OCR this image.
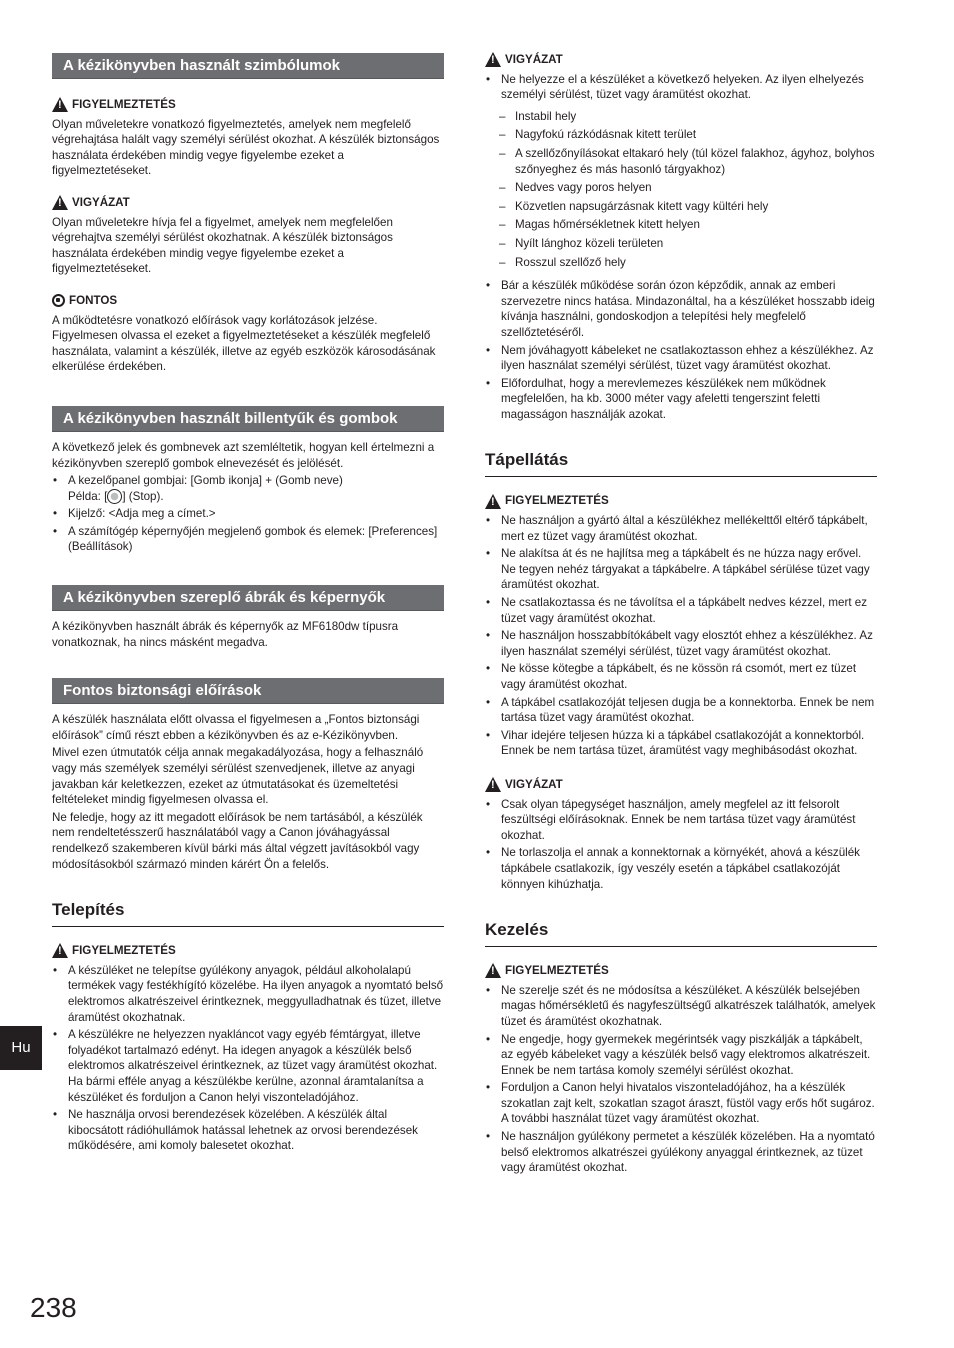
A kézikönyvben használt szimbólumok
!
FIGYELMEZTETÉS

Olyan műveletekre vonatkozó figyelmeztetés, amelyek nem megfelelő végrehajtása halált vagy személyi sérülést okozhat. A készülék biztonságos használata érdekében mindig vegye figyelembe ezeket a figyelmeztetéseket.

!
VIGYÁZAT

Olyan műveletekre hívja fel a figyelmet, amelyek nem megfelelően végrehajtva személyi sérülést okozhatnak. A készülék biztonságos használata érdekében mindig vegye figyelembe ezeket a figyelmeztetéseket.

FONTOS

A működtetésre vonatkozó előírások vagy korlátozások jelzése. Figyelmesen olvassa el ezeket a figyelmeztetéseket a készülék megfelelő használata, valamint a készülék, illetve az egyéb eszközök károsodásának elkerülése érdekében.

A kézikönyvben használt billentyűk és gombok

A következő jelek és gombnevek azt szemléltetik, hogyan kell értelmezni a kézikönyvben szereplő gombok elnevezését és jelölését.

• A kezelőpanel gombjai: [Gomb ikonja] + (Gomb neve)
Példa: [ ] (Stop).
• Kijelző: <Adja meg a címet.>
• A számítógép képernyőjén megjelenő gombok és elemek: [Preferences] (Beállítások)
A kézikönyvben szereplő ábrák és képernyők

A kézikönyvben használt ábrák és képernyők az MF6180dw típusra vonatkoznak, ha nincs másként megadva.

Fontos biztonsági előírások

A készülék használata előtt olvassa el figyelmesen a „Fontos biztonsági előírások” című részt ebben a kézikönyvben és az e-Kézikönyvben.

Mivel ezen útmutatók célja annak megakadályozása, hogy a felhasználó vagy más személyek személyi sérülést szenvedjenek, illetve az anyagi javakban kár keletkezzen, ezeket az útmutatásokat és üzemeltetési feltételeket mindig figyelmesen olvassa el.

Ne feledje, hogy az itt megadott előírások be nem tartásából, a készülék nem rendeltetésszerű használatából vagy a Canon jóváhagyással rendelkező szakemberen kívül bárki más által végzett javításokból vagy módosításokból származó minden kárért Ön a felelős.

Telepítés
!
FIGYELMEZTETÉS
• A készüléket ne telepítse gyúlékony anyagok, például alkoholalapú termékek vagy festékhígító közelébe. Ha ilyen anyagok a nyomtató belső elektromos alkatrészeivel érintkeznek, meggyulladhatnak és tüzet, illetve áramütést okozhatnak.
• A készülékre ne helyezzen nyakláncot vagy egyéb fémtárgyat, illetve folyadékot tartalmazó edényt. Ha idegen anyagok a készülék belső elektromos alkatrészeivel érintkeznek, az tüzet vagy áramütést okozhat.
Ha bármi efféle anyag a készülékbe kerülne, azonnal áramtalanítsa a készüléket és forduljon a Canon helyi viszonteladójához.
• Ne használja orvosi berendezések közelében. A készülék által kibocsátott rádióhullámok hatással lehetnek az orvosi berendezések működésére, ami komoly balesetet okozhat.
!
VIGYÁZAT
• Ne helyezze el a készüléket a következő helyeken. Az ilyen elhelyezés személyi sérülést, tüzet vagy áramütést okozhat.
– Instabil hely
– Nagyfokú rázkódásnak kitett terület
– A szellőzőnyílásokat eltakaró hely (túl közel falakhoz, ágyhoz, bolyhos szőnyeghez és más hasonló tárgyakhoz)
– Nedves vagy poros helyen
– Közvetlen napsugárzásnak kitett vagy kültéri hely
– Magas hőmérsékletnek kitett helyen
– Nyílt lánghoz közeli területen
– Rosszul szellőző hely
• Bár a készülék működése során ózon képződik, annak az emberi szervezetre nincs hatása. Mindazonáltal, ha a készüléket hosszabb ideig kívánja használni, gondoskodjon a telepítési hely megfelelő szellőztetéséről.
• Nem jóváhagyott kábeleket ne csatlakoztasson ehhez a készülékhez. Az ilyen használat személyi sérülést, tüzet vagy áramütést okozhat.
• Előfordulhat, hogy a merevlemezes készülékek nem működnek megfelelően, ha kb. 3000 méter vagy afeletti tengerszint feletti magasságon használják azokat.
Tápellátás
!
FIGYELMEZTETÉS
• Ne használjon a gyártó által a készülékhez mellékelttől eltérő tápkábelt, mert ez tüzet vagy áramütést okozhat.
• Ne alakítsa át és ne hajlítsa meg a tápkábelt és ne húzza nagy erővel. Ne tegyen nehéz tárgyakat a tápkábelre. A tápkábel sérülése tüzet vagy áramütést okozhat.
• Ne csatlakoztassa és ne távolítsa el a tápkábelt nedves kézzel, mert ez tüzet vagy áramütést okozhat.
• Ne használjon hosszabbítókábelt vagy elosztót ehhez a készülékhez. Az ilyen használat személyi sérülést, tüzet vagy áramütést okozhat.
• Ne kösse kötegbe a tápkábelt, és ne kössön rá csomót, mert ez tüzet vagy áramütést okozhat.
• A tápkábel csatlakozóját teljesen dugja be a konnektorba. Ennek be nem tartása tüzet vagy áramütést okozhat.
• Vihar idejére teljesen húzza ki a tápkábel csatlakozóját a konnektorból. Ennek be nem tartása tüzet, áramütést vagy meghibásodást okozhat.
!
VIGYÁZAT
• Csak olyan tápegységet használjon, amely megfelel az itt felsorolt feszültségi előírásoknak. Ennek be nem tartása tüzet vagy áramütést okozhat.
• Ne torlaszolja el annak a konnektornak a környékét, ahová a készülék tápkábele csatlakozik, így veszély esetén a tápkábel csatlakozóját könnyen kihúzhatja.
Kezelés
!
FIGYELMEZTETÉS
• Ne szerelje szét és ne módosítsa a készüléket. A készülék belsejében magas hőmérsékletű és nagyfeszültségű alkatrészek találhatók, amelyek tüzet és áramütést okozhatnak.
• Ne engedje, hogy gyermekek megérintsék vagy piszkálják a tápkábelt, az egyéb kábeleket vagy a készülék belső vagy elektromos alkatrészeit. Ennek be nem tartása komoly személyi sérülést okozhat.
• Forduljon a Canon helyi hivatalos viszonteladójához, ha a készülék szokatlan zajt kelt, szokatlan szagot áraszt, füstöl vagy erős hőt sugároz. A további használat tüzet vagy áramütést okozhat.
• Ne használjon gyúlékony permetet a készülék közelében. Ha a nyomtató belső elektromos alkatrészei gyúlékony anyaggal érintkeznek, az tüzet vagy áramütést okozhat.
Hu
238
